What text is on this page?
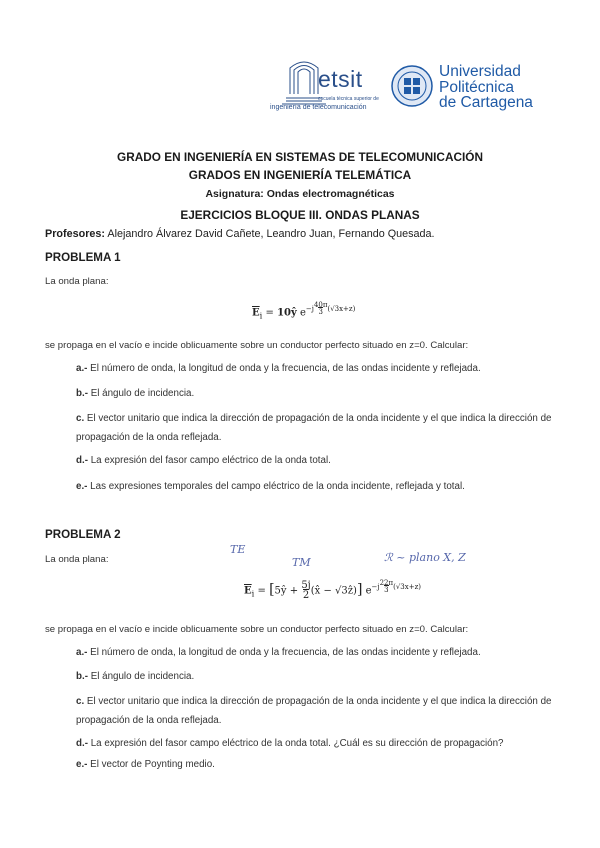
etsit
escuela técnica superior de
ingeniería de telecomunicación
Universidad
Politécnica
de Cartagena
GRADO EN INGENIERÍA EN SISTEMAS DE TELECOMUNICACIÓN
GRADOS EN INGENIERÍA TELEMÁTICA
Asignatura: Ondas electromagnéticas
EJERCICIOS BLOQUE III. ONDAS PLANAS
Profesores: Alejandro Álvarez David Cañete, Leandro Juan, Fernando Quesada.
PROBLEMA 1
La onda plana:
$\overline{E}_i$ = 10ŷ $e^{-j\frac{40\pi}{3}(√3x+z)}$
se propaga en el vacío e incide oblicuamente sobre un conductor perfecto situado en z=0. Calcular:
a.- El número de onda, la longitud de onda y la frecuencia, de las ondas incidente y reflejada.
b.- El ángulo de incidencia.
c. El vector unitario que indica la dirección de propagación de la onda incidente y el que indica la dirección de propagación de la onda reflejada.
d.- La expresión del fasor campo eléctrico de la onda total.
e.- Las expresiones temporales del campo eléctrico de la onda incidente, reflejada y total.
PROBLEMA 2
La onda plana:
TE
TM	ℛ ~ plano X, Z
$\overline{E}_i$ = [5ŷ + $\frac{5j}{2}(x̂$ − √3ẑ)] $e^{-j\frac{22\pi}{3}(√3x+z)}$
se propaga en el vacío e incide oblicuamente sobre un conductor perfecto situado en z=0. Calcular:
a.- El número de onda, la longitud de onda y la frecuencia, de las ondas incidente y reflejada.
b.- El ángulo de incidencia.
c. El vector unitario que indica la dirección de propagación de la onda incidente y el que indica la dirección de propagación de la onda reflejada.
d.- La expresión del fasor campo eléctrico de la onda total. ¿Cuál es su dirección de propagación?
e.- El vector de Poynting medio.
